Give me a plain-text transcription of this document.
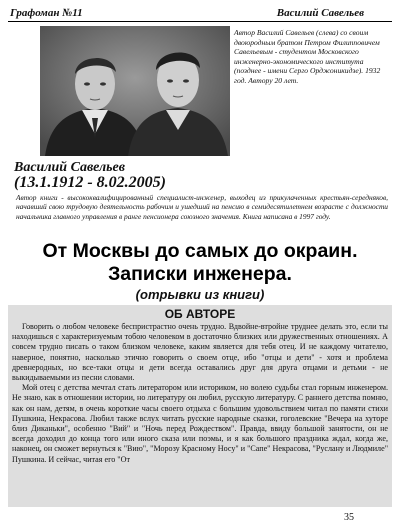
Графоман №11	Василий Савельев
Автор Василий Савельев (слева) со своим двоюродным братом Петром Филипповичем Савельевым - студентом Московского инженерно-экономического института (позднее - имени Серго Орджоникидзе). 1932 год. Автору 20 лет.
Василий Савельев
(13.1.1912 - 8.02.2005)
Автор книги - высококвалифицированный специалист-инженер, выходец из прикулаченных крестьян-середняков, начавший свою трудовую деятельность рабочим и ушедший на пенсию в семидесятилетнем возрасте с должности начальника главного управления в ранге пенсионера союзного значения. Книга написана в 1997 году.
От Москвы до самых до окраин.
Записки инженера.
(отрывки из книги)
ОБ АВТОРЕ

Говорить о любом человеке беспристрастно очень трудно. Вдвойне-втройне труднее делать это, если ты находишься с характеризуемым тобою человеком в достаточно близких или дружественных отношениях. А совсем трудно писать о таком близком человеке, каким является для тебя отец. И не каждому читателю, наверное, понятно, насколько этично говорить о своем отце, ибо "отцы и дети" - хотя и проблема древнеродных, но все-таки отцы и дети всегда оставались друг для друга отцами и детьми - не выкидываемыми из песни словами.

Мой отец с детства мечтал стать литератором или историком, но волею судьбы стал горным инженером. Не знаю, как в отношении истории, но литературу он любил, русскую литературу. С раннего детства помню, как он нам, детям, в очень короткие часы своего отдыха с большим удовольствием читал по памяти стихи Пушкина, Некрасова. Любил также вслух читать русские народные сказки, гоголевские "Вечера на хуторе близ Диканьки", особенно "Вий" и "Ночь перед Рождеством". Правда, ввиду большой занятости, он не всегда доходил до конца того или иного сказа или поэмы, и я как большого праздника ждал, когда же, наконец, он сможет вернуться к "Вию", "Морозу Красному Носу" и "Сапе" Некрасова, "Руслану и Людмиле" Пушкина. И сейчас, читая его "От

35
